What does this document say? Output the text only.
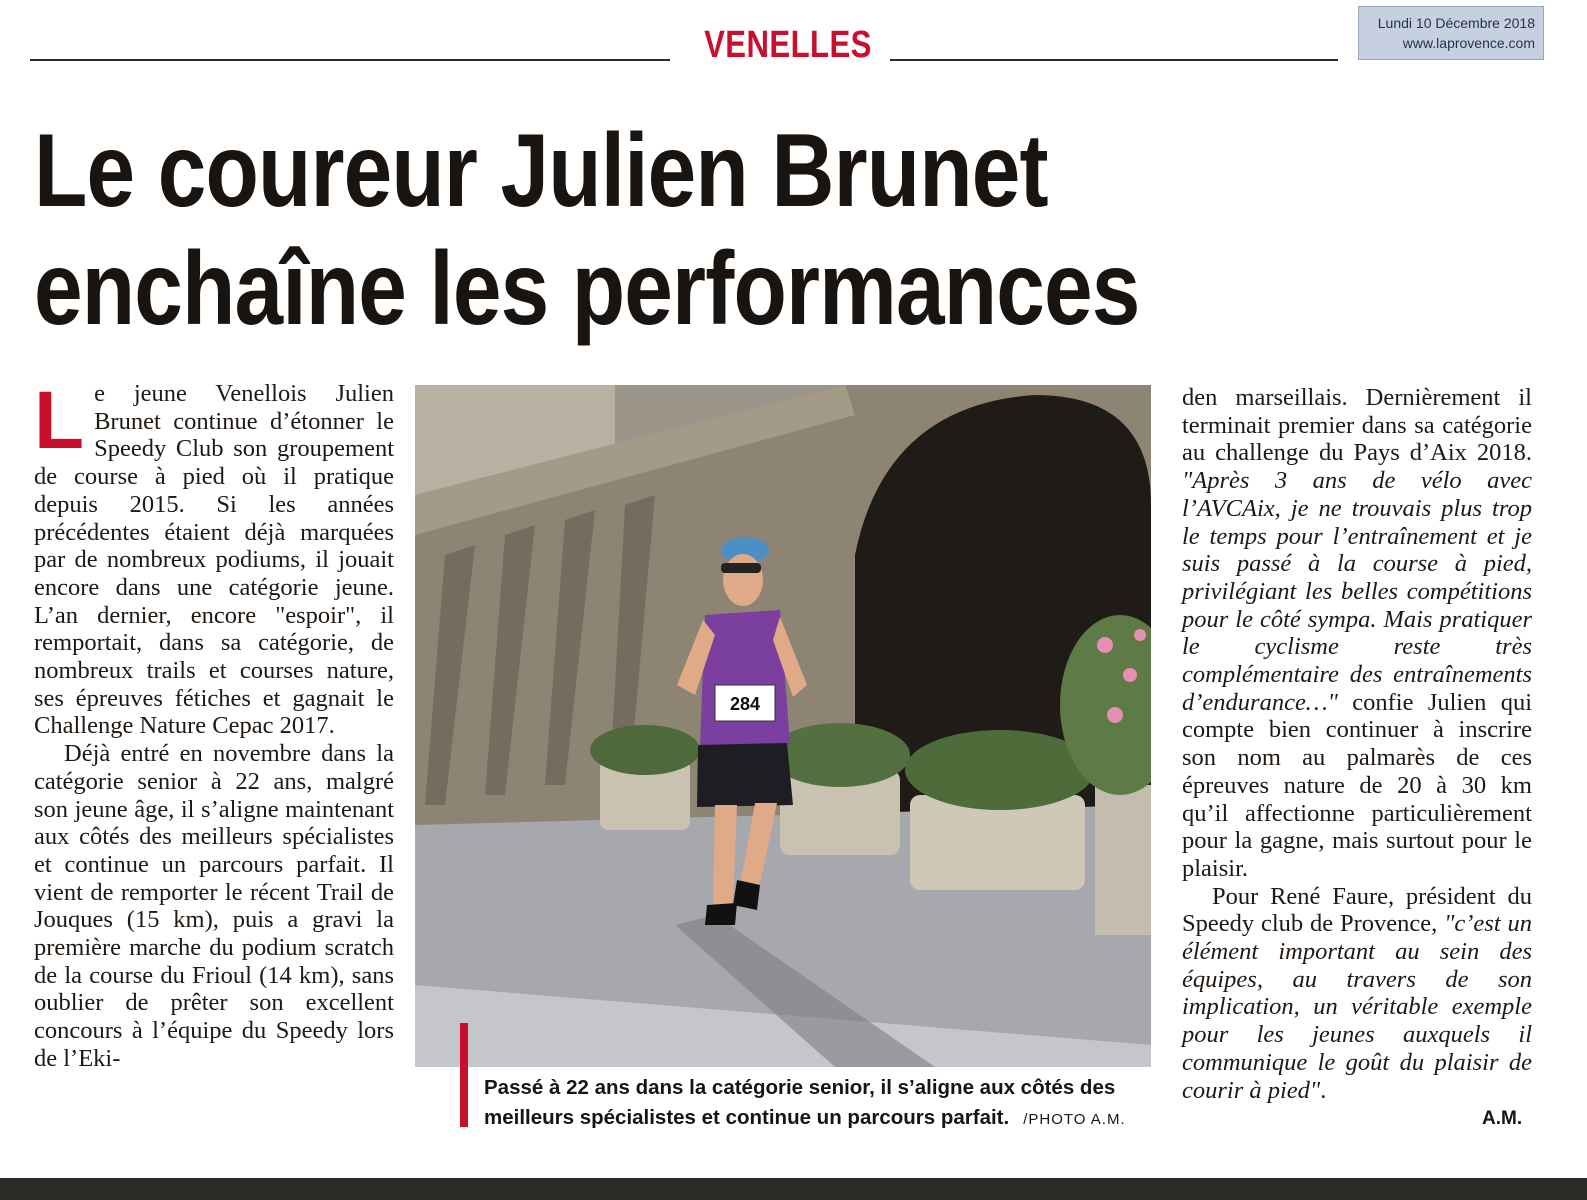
VENELLES
Lundi 10 Décembre 2018
www.laprovence.com
Le coureur Julien Brunet
enchaîne les performances

Le jeune Venellois Julien Brunet continue d’étonner le Speedy Club son groupement de course à pied où il pratique depuis 2015. Si les années précédentes étaient déjà marquées par de nombreux podiums, il jouait encore dans une catégorie jeune. L’an dernier, encore "espoir", il remportait, dans sa catégorie, de nombreux trails et courses nature, ses épreuves fétiches et gagnait le Challenge Nature Cepac 2017.

Déjà entré en novembre dans la catégorie senior à 22 ans, malgré son jeune âge, il s’aligne maintenant aux côtés des meilleurs spécialistes et continue un parcours parfait. Il vient de remporter le récent Trail de Jouques (15 km), puis a gravi la première marche du podium scratch de la course du Frioul (14 km), sans oublier de prêter son excellent concours à l’équipe du Speedy lors de l’Eki-

284
Passé à 22 ans dans la catégorie senior, il s’aligne aux côtés des meilleurs spécialistes et continue un parcours parfait. /PHOTO A.M.

den marseillais. Dernièrement il terminait premier dans sa catégorie au challenge du Pays d’Aix 2018. "Après 3 ans de vélo avec l’AVCAix, je ne trouvais plus trop le temps pour l’entraînement et je suis passé à la course à pied, privilégiant les belles compétitions pour le côté sympa. Mais pratiquer le cyclisme reste très complémentaire des entraînements d’endurance…" confie Julien qui compte bien continuer à inscrire son nom au palmarès de ces épreuves nature de 20 à 30 km qu’il affectionne particulièrement pour la gagne, mais surtout pour le plaisir.

Pour René Faure, président du Speedy club de Provence, "c’est un élément important au sein des équipes, au travers de son implication, un véritable exemple pour les jeunes auxquels il communique le goût du plaisir de courir à pied".

A.M.
